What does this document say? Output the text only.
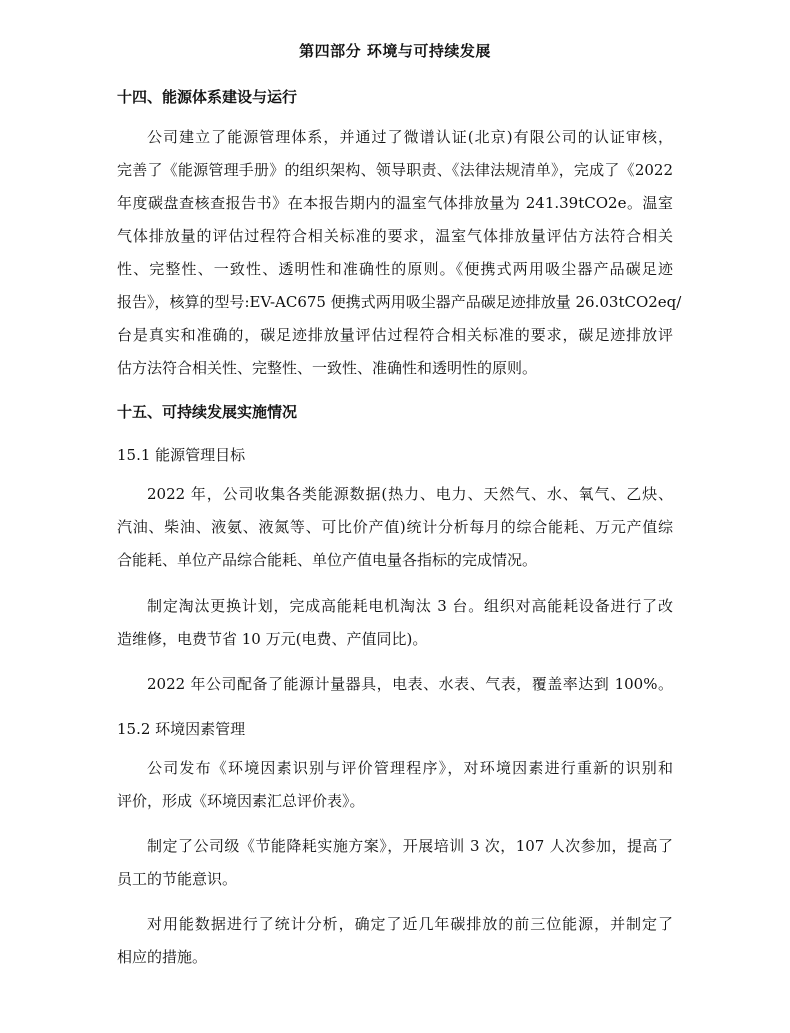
第四部分 环境与可持续发展
十四、能源体系建设与运行
公司建立了能源管理体系，并通过了微谱认证(北京)有限公司的认证审核，
完善了《能源管理手册》的组织架构、领导职责、《法律法规清单》，完成了《2022
年度碳盘查核查报告书》在本报告期内的温室气体排放量为 241.39tCO2e。温室
气体排放量的评估过程符合相关标准的要求，温室气体排放量评估方法符合相关
性、完整性、一致性、透明性和准确性的原则。《便携式两用吸尘器产品碳足迹
报告》，核算的型号:EV-AC675 便携式两用吸尘器产品碳足迹排放量 26.03tCO2eq/
台是真实和准确的，碳足迹排放量评估过程符合相关标准的要求，碳足迹排放评
估方法符合相关性、完整性、一致性、准确性和透明性的原则。
十五、可持续发展实施情况
15.1 能源管理目标
2022 年，公司收集各类能源数据(热力、电力、天然气、水、氧气、乙炔、
汽油、柴油、液氨、液氮等、可比价产值)统计分析每月的综合能耗、万元产值综
合能耗、单位产品综合能耗、单位产值电量各指标的完成情况。
制定淘汰更换计划，完成高能耗电机淘汰 3 台。组织对高能耗设备进行了改
造维修，电费节省 10 万元(电费、产值同比)。
2022 年公司配备了能源计量器具，电表、水表、气表，覆盖率达到 100%。
15.2 环境因素管理
公司发布《环境因素识别与评价管理程序》，对环境因素进行重新的识别和
评价，形成《环境因素汇总评价表》。
制定了公司级《节能降耗实施方案》，开展培训 3 次，107 人次参加，提高了
员工的节能意识。
对用能数据进行了统计分析，确定了近几年碳排放的前三位能源，并制定了
相应的措施。
